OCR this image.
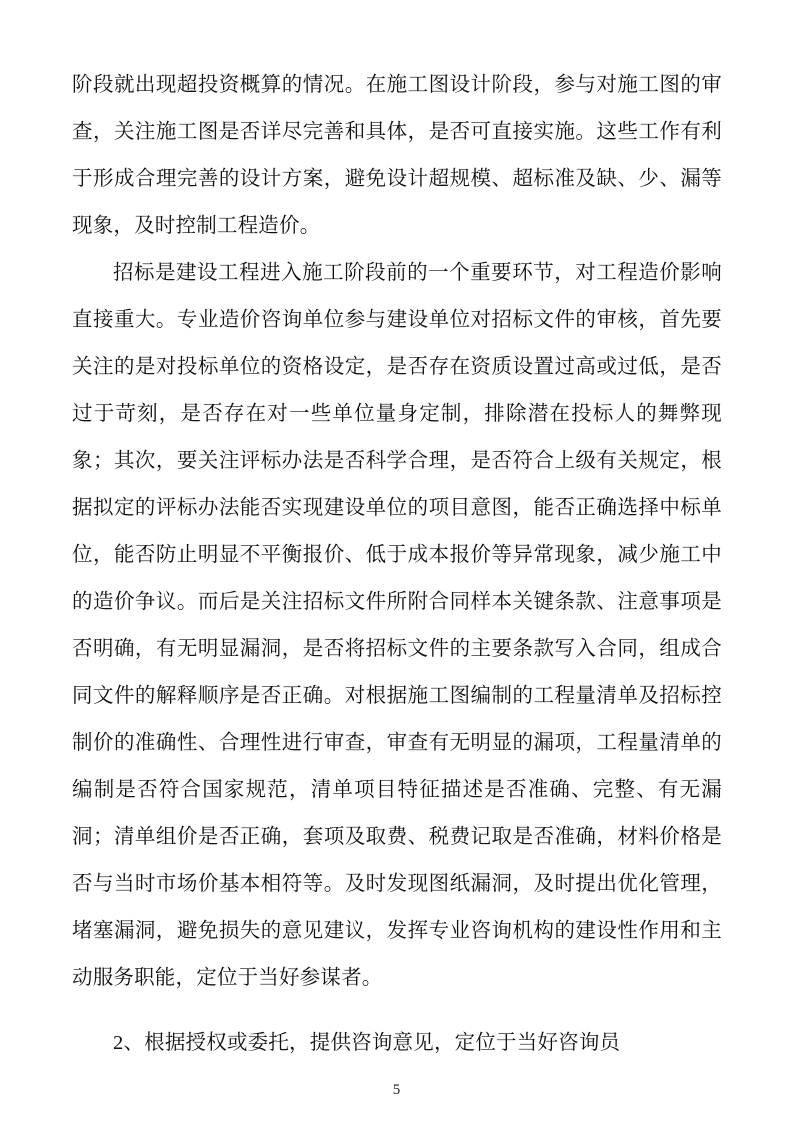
阶段就出现超投资概算的情况。在施工图设计阶段，参与对施工图的审查，关注施工图是否详尽完善和具体，是否可直接实施。这些工作有利于形成合理完善的设计方案，避免设计超规模、超标准及缺、少、漏等现象，及时控制工程造价。

招标是建设工程进入施工阶段前的一个重要环节，对工程造价影响直接重大。专业造价咨询单位参与建设单位对招标文件的审核，首先要关注的是对投标单位的资格设定，是否存在资质设置过高或过低，是否过于苛刻，是否存在对一些单位量身定制，排除潜在投标人的舞弊现象；其次，要关注评标办法是否科学合理，是否符合上级有关规定，根据拟定的评标办法能否实现建设单位的项目意图，能否正确选择中标单位，能否防止明显不平衡报价、低于成本报价等异常现象，减少施工中的造价争议。而后是关注招标文件所附合同样本关键条款、注意事项是否明确，有无明显漏洞，是否将招标文件的主要条款写入合同，组成合同文件的解释顺序是否正确。对根据施工图编制的工程量清单及招标控制价的准确性、合理性进行审查，审查有无明显的漏项，工程量清单的编制是否符合国家规范，清单项目特征描述是否准确、完整、有无漏洞；清单组价是否正确，套项及取费、税费记取是否准确，材料价格是否与当时市场价基本相符等。及时发现图纸漏洞，及时提出优化管理，堵塞漏洞，避免损失的意见建议，发挥专业咨询机构的建设性作用和主动服务职能，定位于当好参谋者。

2、根据授权或委托，提供咨询意见，定位于当好咨询员

5
